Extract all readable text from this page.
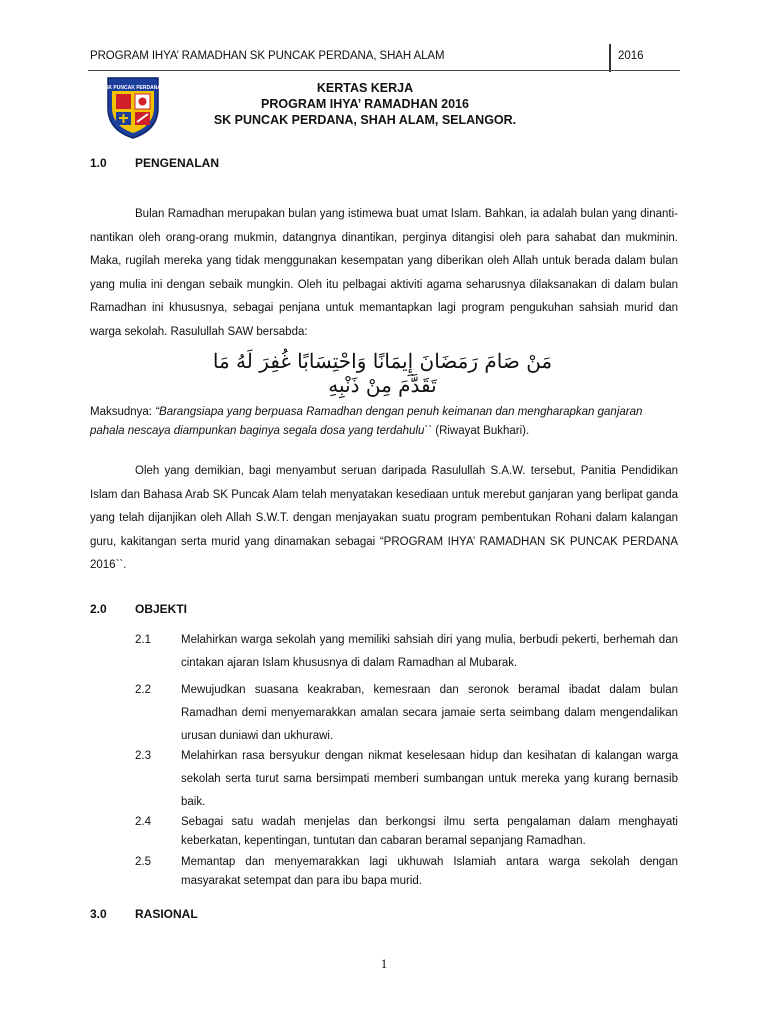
PROGRAM IHYA’ RAMADHAN SK PUNCAK PERDANA, SHAH ALAM	2016
SK PUNCAK PERDANA	KERTAS KERJA
PROGRAM IHYA’ RAMADHAN 2016
SK PUNCAK PERDANA, SHAH ALAM, SELANGOR.
1.0 PENGENALAN
Bulan Ramadhan merupakan bulan yang istimewa buat umat Islam. Bahkan, ia adalah bulan yang dinanti-nantikan oleh orang-orang mukmin, datangnya dinantikan, perginya ditangisi oleh para sahabat dan mukminin. Maka, rugilah mereka yang tidak menggunakan kesempatan yang diberikan oleh Allah untuk berada dalam bulan yang mulia ini dengan sebaik mungkin. Oleh itu pelbagai aktiviti agama seharusnya dilaksanakan di dalam bulan Ramadhan ini khususnya, sebagai penjana untuk memantapkan lagi program pengukuhan sahsiah murid dan warga sekolah. Rasulullah SAW bersabda:
مَنْ صَامَ رَمَضَانَ إِيمَانًا وَاحْتِسَابًا غُفِرَ لَهُ مَا تَقَدَّمَ مِنْ ذَنْبِهِ
Maksudnya: “Barangsiapa yang berpuasa Ramadhan dengan penuh keimanan dan mengharapkan ganjaran pahala nescaya diampunkan baginya segala dosa yang terdahulu`` (Riwayat Bukhari).
Oleh yang demikian, bagi menyambut seruan daripada Rasulullah S.A.W. tersebut, Panitia Pendidikan Islam dan Bahasa Arab SK Puncak Alam telah menyatakan kesediaan untuk merebut ganjaran yang berlipat ganda yang telah dijanjikan oleh Allah S.W.T. dengan menjayakan suatu program pembentukan Rohani dalam kalangan guru, kakitangan serta murid yang dinamakan sebagai “PROGRAM IHYA’ RAMADHAN SK PUNCAK PERDANA 2016``.
2.0 OBJEKTI
2.1	Melahirkan warga sekolah yang memiliki sahsiah diri yang mulia, berbudi pekerti, berhemah dan cintakan ajaran Islam khususnya di dalam Ramadhan al Mubarak.
2.2	Mewujudkan suasana keakraban, kemesraan dan seronok beramal ibadat dalam bulan Ramadhan demi menyemarakkan amalan secara jamaie serta seimbang dalam mengendalikan urusan duniawi dan ukhurawi.
2.3	Melahirkan rasa bersyukur dengan nikmat keselesaan hidup dan kesihatan di kalangan warga sekolah serta turut sama bersimpati memberi sumbangan untuk mereka yang kurang bernasib baik.
2.4	Sebagai satu wadah menjelas dan berkongsi ilmu serta pengalaman dalam menghayati keberkatan, kepentingan, tuntutan dan cabaran beramal sepanjang Ramadhan.
2.5	Memantap dan menyemarakkan lagi ukhuwah Islamiah antara warga sekolah dengan masyarakat setempat dan para ibu bapa murid.
3.0 RASIONAL
1
